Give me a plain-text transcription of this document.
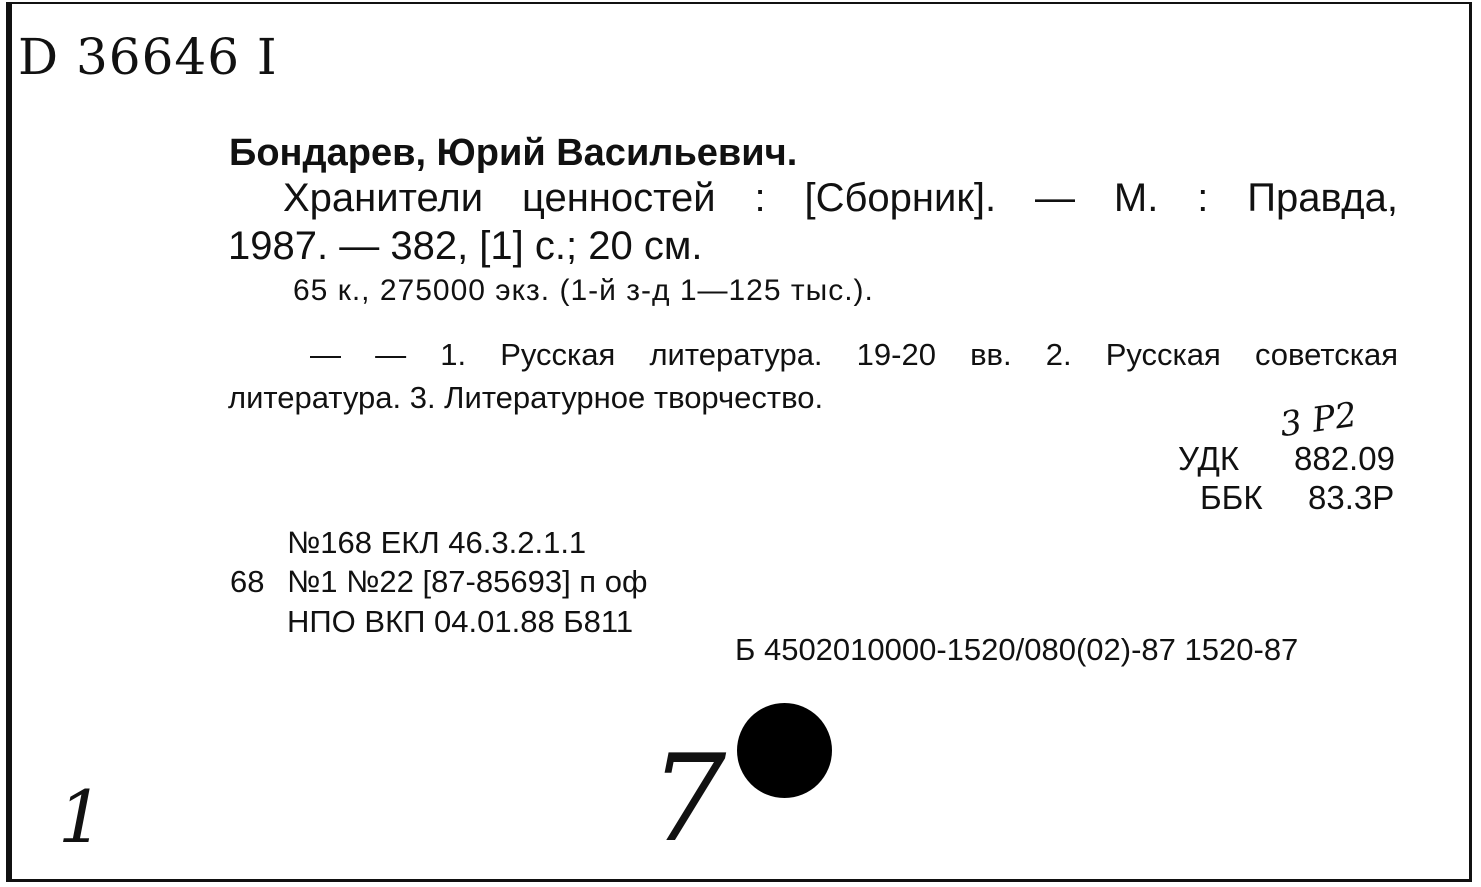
D 36646 I
Бондарев, Юрий Васильевич.
Хранители ценностей : [Сборник]. — М. : Правда,
1987. — 382, [1] с.; 20 см.
65 к., 275000 экз. (1-й з-д 1—125 тыс.).
— — 1. Русская литература. 19-20 вв. 2. Русская советская
литература. 3. Литературное творчество.	3 Р2
УДК 882.09
ББК 83.3Р
№168 ЕКЛ 46.3.2.1.1
68 №1 №22 [87-85693] п оф
НПО ВКП 04.01.88 Б811
Б 4502010000-1520/080(02)-87 1520-87
1	7
